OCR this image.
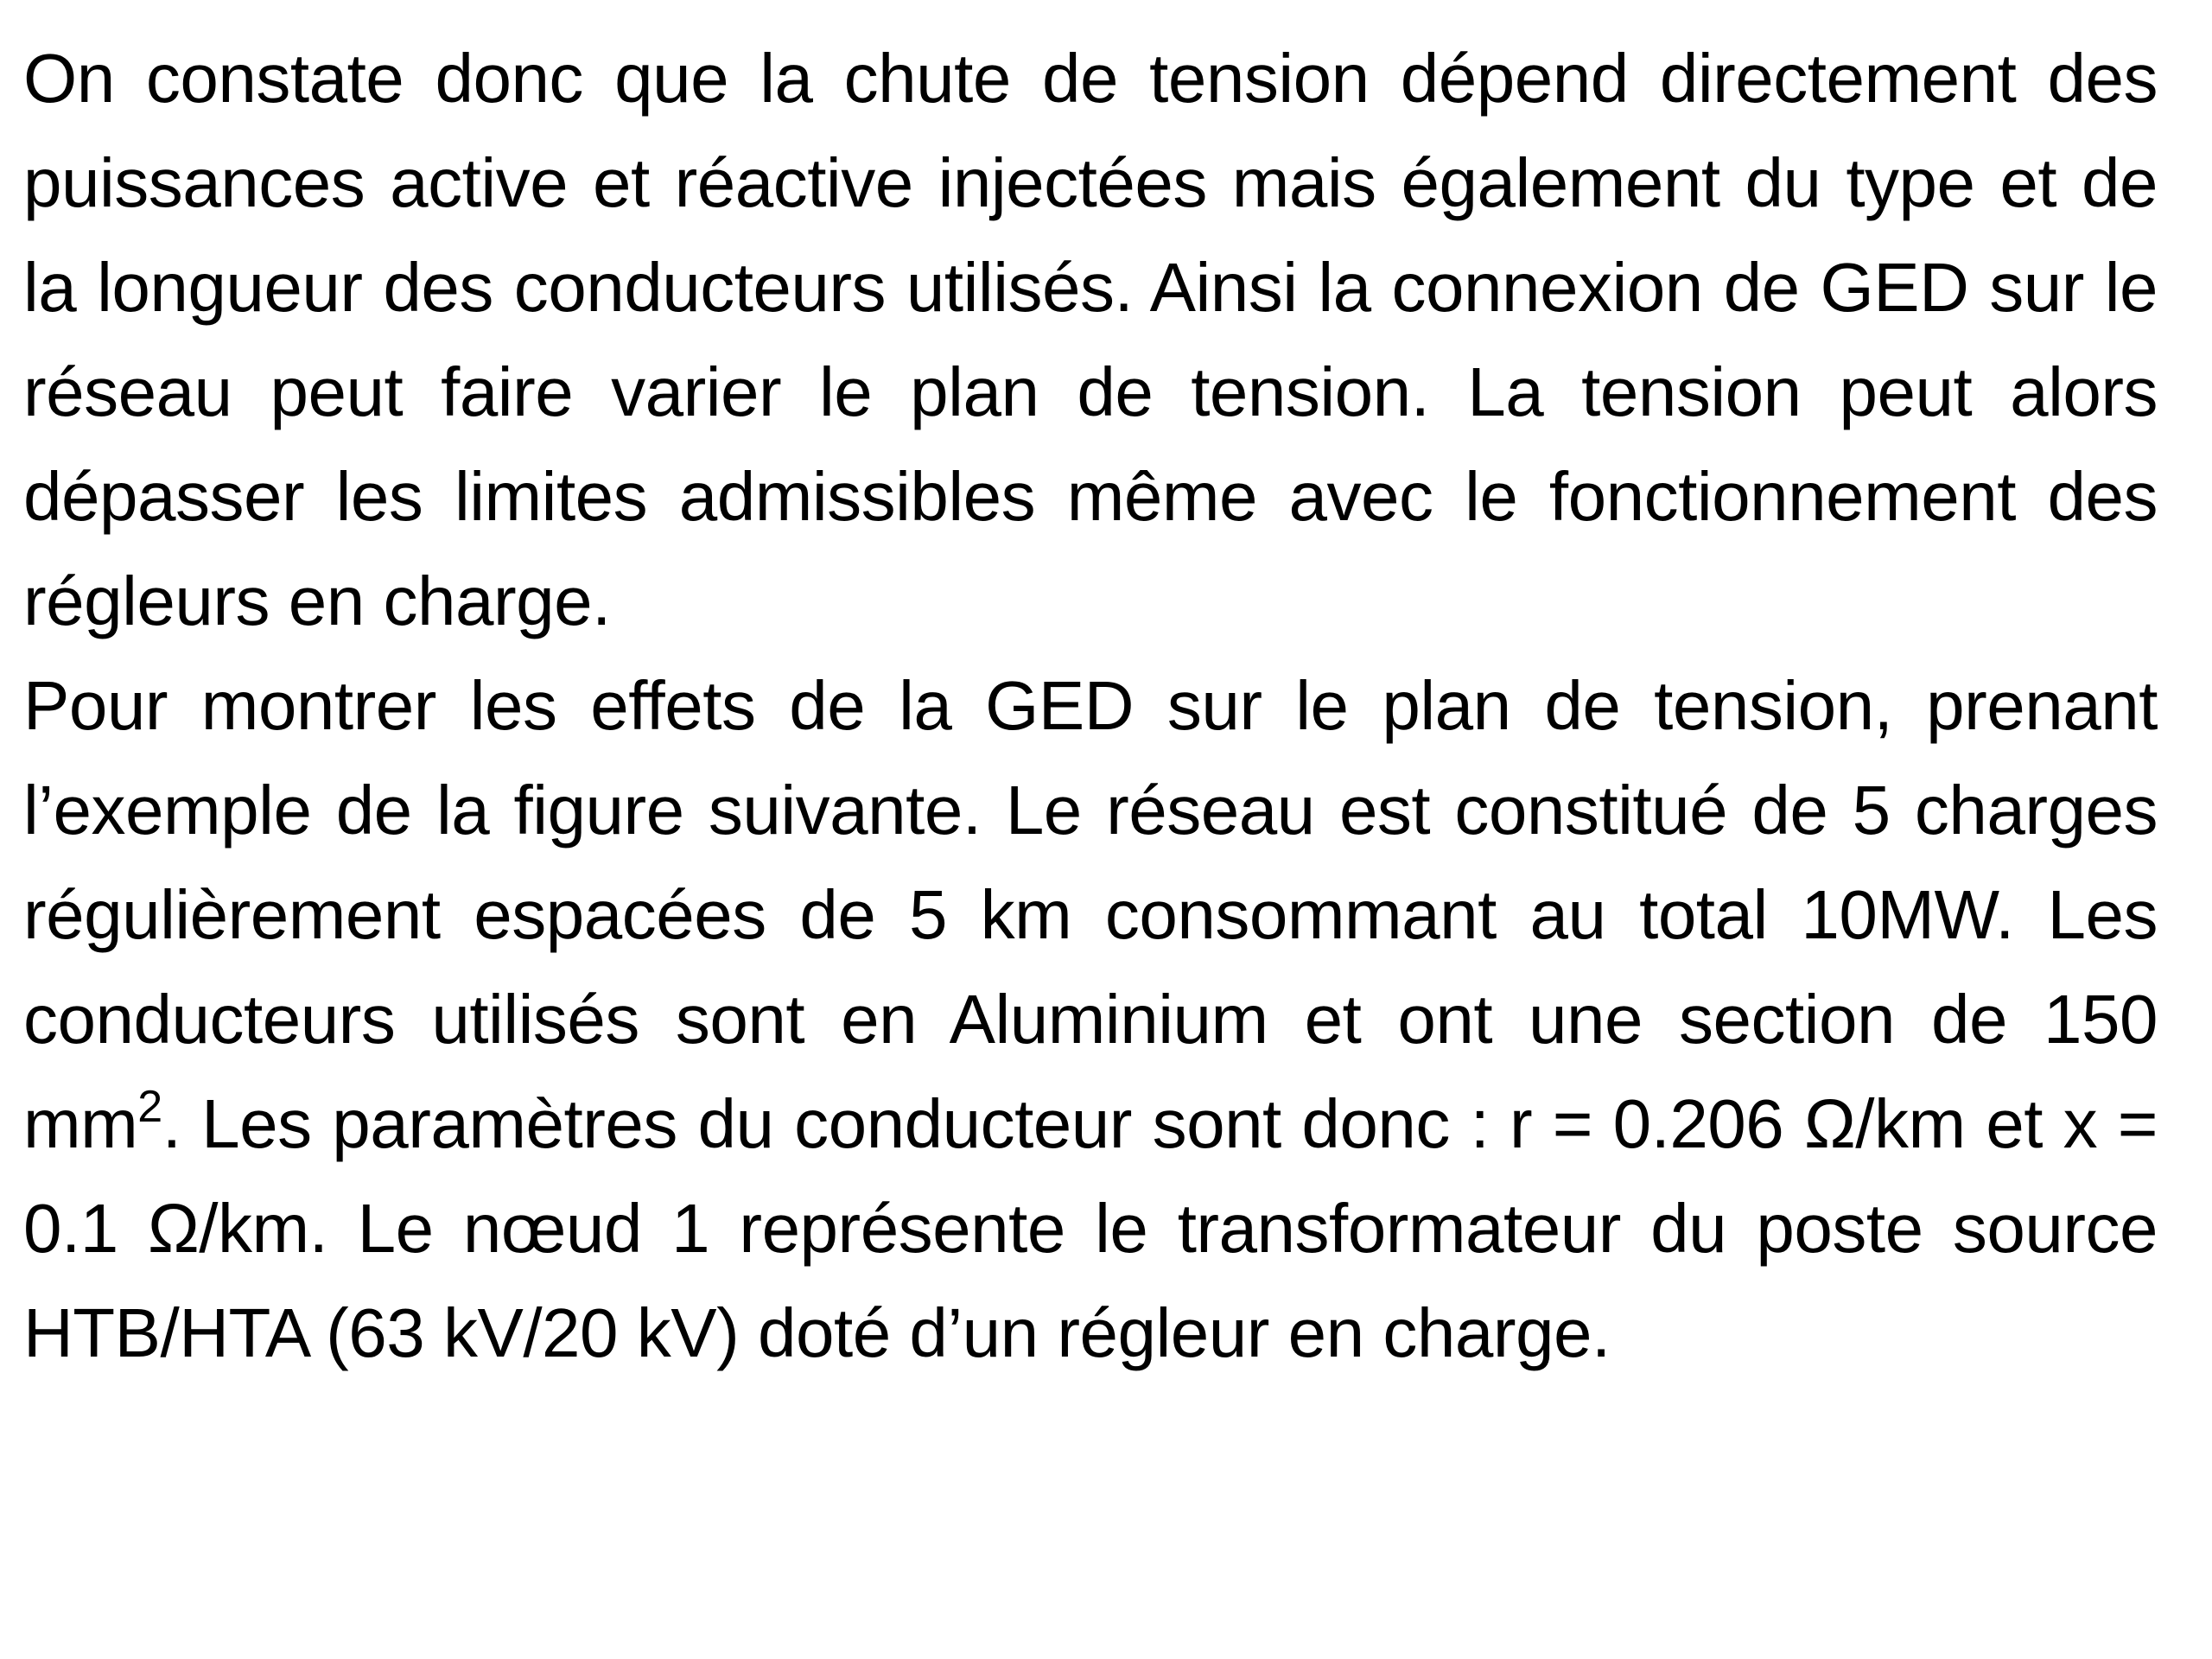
On constate donc que la chute de tension dépend directement des puissances active et réactive injectées mais également du type et de la longueur des conducteurs utilisés. Ainsi la connexion de GED sur le réseau peut faire varier le plan de tension. La tension peut alors dépasser les limites admissibles même avec le fonctionnement des régleurs en charge.

Pour montrer les effets de la GED sur le plan de tension, prenant l’exemple de la figure suivante. Le réseau est constitué de 5 charges régulièrement espacées de 5 km consommant au total 10MW. Les conducteurs utilisés sont en Aluminium et ont une section de 150 $mm^2$. Les paramètres du conducteur sont donc : r = 0.206 Ω/km et x = 0.1 Ω/km. Le nœud 1 représente le transformateur du poste source HTB/HTA (63 kV/20 kV) doté d’un régleur en charge.
